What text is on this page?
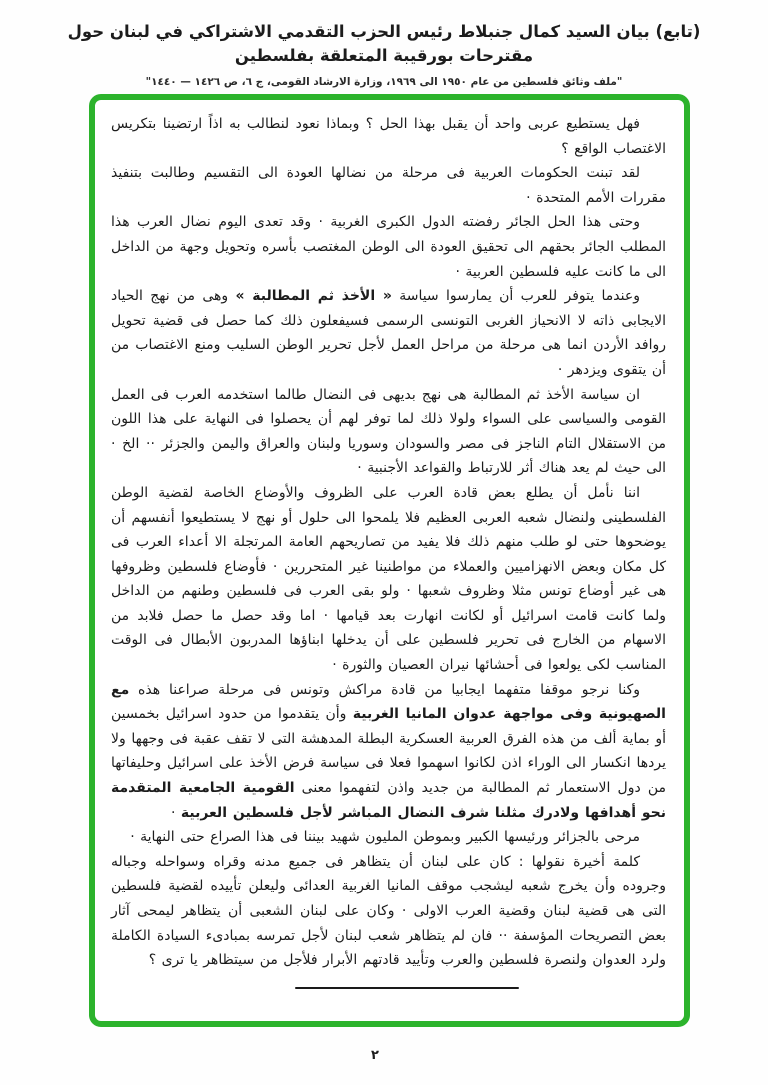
(تابع) بيان السيد كمال جنبلاط رئيس الحزب التقدمي الاشتراكي في لبنان حول مقترحات بورقيبة المتعلقة بفلسطين
"ملف وثائق فلسطين من عام ١٩٥٠ الى ١٩٦٩، وزارة الارشاد القومى، ج ٦، ص ١٤٢٦ — ١٤٤٠"

فهل يستطيع عربى واحد أن يقبل بهذا الحل ؟ وبماذا نعود لنطالب به اذاً ارتضينا بتكريس الاغتصاب الواقع ؟

لقد تبنت الحكومات العربية فى مرحلة من نضالها العودة الى التقسيم وطالبت بتنفيذ مقررات الأمم المتحدة ·

وحتى هذا الحل الجائر رفضته الدول الكبرى الغربية · وقد تعدى اليوم نضال العرب هذا المطلب الجائر بحقهم الى تحقيق العودة الى الوطن المغتصب بأسره وتحويل وجهة من الداخل الى ما كانت عليه فلسطين العربية ·

وعندما يتوفر للعرب أن يمارسوا سياسة « الأخذ ثم المطالبة » وهى من نهج الحياد الايجابى ذاته لا الانحياز الغربى التونسى الرسمى فسيفعلون ذلك كما حصل فى قضية تحويل روافد الأردن انما هى مرحلة من مراحل العمل لأجل تحرير الوطن السليب ومنع الاغتصاب من أن يتقوى ويزدهر ·

ان سياسة الأخذ ثم المطالبة هى نهج بديهى فى النضال طالما استخدمه العرب فى العمل القومى والسياسى على السواء ولولا ذلك لما توفر لهم أن يحصلوا فى النهاية على هذا اللون من الاستقلال التام الناجز فى مصر والسودان وسوريا ولبنان والعراق واليمن والجزئر ·· الخ · الى حيث لم يعد هناك أثر للارتباط والقواعد الأجنبية ·

اننا نأمل أن يطلع بعض قادة العرب على الظروف والأوضاع الخاصة لقضية الوطن الفلسطينى ولنضال شعبه العربى العظيم فلا يلمحوا الى حلول أو نهج لا يستطيعوا أنفسهم أن يوضحوها حتى لو طلب منهم ذلك فلا يفيد من تصاريحهم العامة المرتجلة الا أعداء العرب فى كل مكان وبعض الانهزاميين والعملاء من مواطنينا غير المتحررين · فأوضاع فلسطين وظروفها هى غير أوضاع تونس مثلا وظروف شعبها · ولو بقى العرب فى فلسطين وطنهم من الداخل ولما كانت قامت اسرائيل أو لكانت انهارت بعد قيامها · اما وقد حصل ما حصل فلابد من الاسهام من الخارج فى تحرير فلسطين على أن يدخلها ابناؤها المدربون الأبطال فى الوقت المناسب لكى يولعوا فى أحشائها نيران العصيان والثورة ·

وكنا نرجو موقفا متفهما ايجابيا من قادة مراكش وتونس فى مرحلة صراعنا هذه مع الصهيونية وفى مواجهة عدوان المانيا الغربية وأن يتقدموا من حدود اسرائيل بخمسين أو بماية ألف من هذه الفرق العربية العسكرية البطلة المدهشة التى لا تقف عقبة فى وجهها ولا يردها انكسار الى الوراء اذن لكانوا اسهموا فعلا فى سياسة فرض الأخذ على اسرائيل وحليفاتها من دول الاستعمار ثم المطالبة من جديد واذن لتفهموا معنى القومية الجامعية المتقدمة نحو أهدافها ولادرك مثلنا شرف النضال المباشر لأجل فلسطين العربية ·

مرحى بالجزائر ورئيسها الكبير وبموطن المليون شهيد بيننا فى هذا الصراع حتى النهاية ·

كلمة أخيرة نقولها : كان على لبنان أن يتظاهر فى جميع مدنه وقراه وسواحله وجباله وجروده وأن يخرج شعبه ليشجب موقف المانيا الغربية العدائى وليعلن تأييده لقضية فلسطين التى هى قضية لبنان وقضية العرب الاولى · وكان على لبنان الشعبى أن يتظاهر ليمحى آثار بعض التصريحات المؤسفة ·· فان لم يتظاهر شعب لبنان لأجل تمرسه بمبادىء السيادة الكاملة ولرد العدوان ولنصرة فلسطين والعرب وتأييد قادتهم الأبرار فلأجل من سيتظاهر يا ترى ؟

٢
